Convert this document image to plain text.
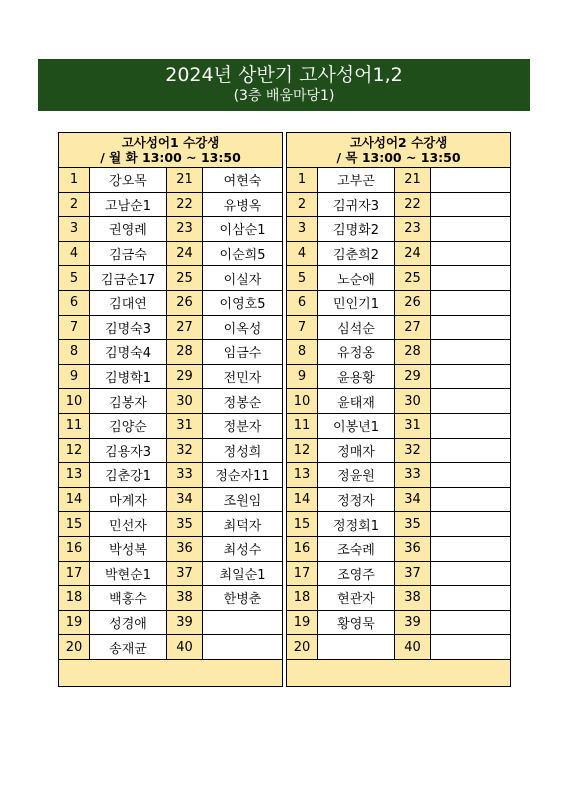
2024년 상반기 고사성어1,2
(3층 배움마당1)
고사성어1 수강생
/ 월 화 13:00 ~ 13:50			

1	강오목	21	여현숙
2	고남순1	22	유병옥
3	권영례	23	이삼순1
4	김금숙	24	이순희5
5	김금순17	25	이실자
6	김대연	26	이영호5
7	김명숙3	27	이옥성
8	김명숙4	28	임금수
9	김병학1	29	전민자
10	김봉자	30	정봉순
11	김양순	31	정분자
12	김용자3	32	정성희
13	김춘강1	33	정순자11
14	마계자	34	조원임
15	민선자	35	최덕자
16	박성복	36	최성수
17	박현순1	37	최일순1
18	백홍수	38	한병춘
19	성경애	39	
20	송재균	40	

고사성어2 수강생
/ 목 13:00 ~ 13:50			

1	고부곤	21	
2	김귀자3	22	
3	김명화2	23	
4	김춘희2	24	
5	노순애	25	
6	민인기1	26	
7	심석순	27	
8	유정옹	28	
9	윤용황	29	
10	윤태재	30	
11	이봉년1	31	
12	정매자	32	
13	정윤원	33	
14	정정자	34	
15	정정회1	35	
16	조숙례	36	
17	조영주	37	
18	현관자	38	
19	황영묵	39	
20		40	
